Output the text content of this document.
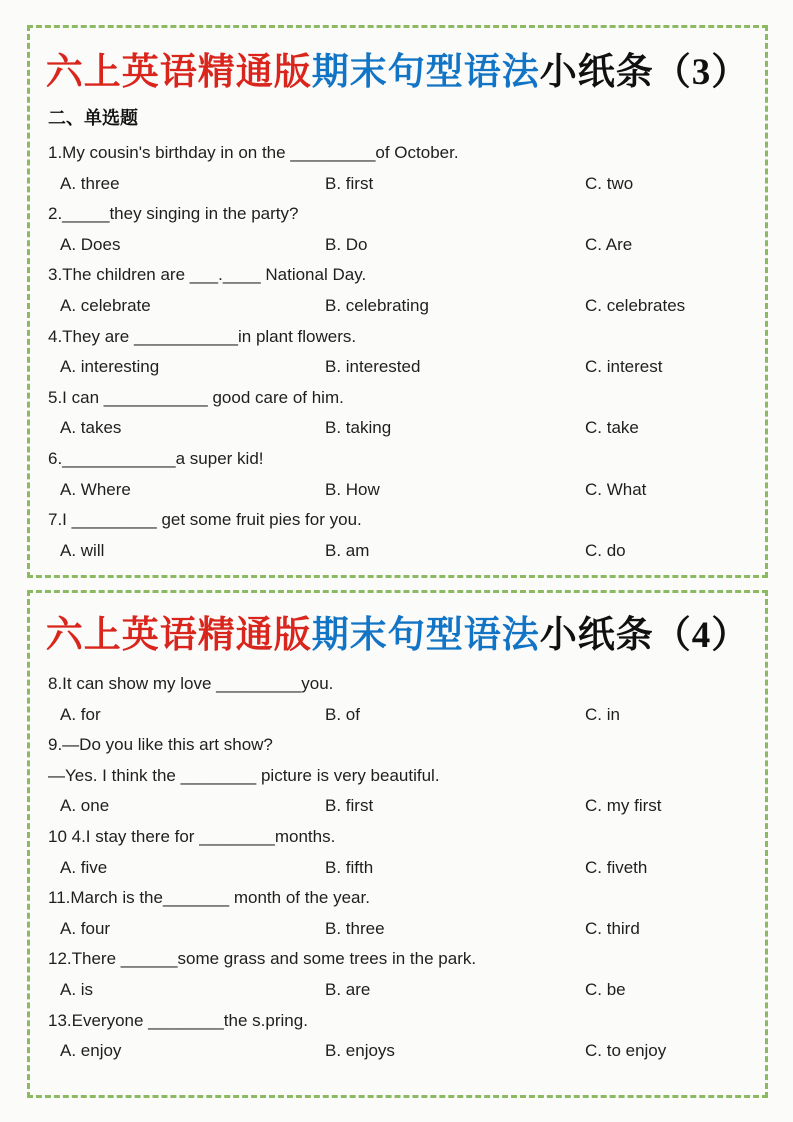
六上英语精通版期末句型语法小纸条（3）
二、单选题

1.My cousin's birthday in on the _________of October.

A. three	B. first	C. two

2._____they singing in the party?

A. Does	B. Do	C. Are

3.The children are ___.____ National Day.

A. celebrate	B. celebrating	C. celebrates

4.They are ___________in plant flowers.

A. interesting	B. interested	C. interest

5.I can ___________ good care of him.

A. takes	B. taking	C. take

6.____________a super kid!

A. Where	B. How	C. What

7.I _________ get some fruit pies for you.

A. will	B. am	C. do
六上英语精通版期末句型语法小纸条（4）

8.It can show my love _________you.

A. for	B. of	C. in

9.—Do you like this art show?

—Yes. I think the ________ picture is very beautiful.

A. one	B. first	C. my first

10 4.I stay there for ________months.

A. five	B. fifth	C. fiveth

11.March is the_______ month of the year.

A. four	B. three	C. third

12.There ______some grass and some trees in the park.

A. is	B. are	C. be

13.Everyone ________the s.pring.

A. enjoy	B. enjoys	C. to enjoy
